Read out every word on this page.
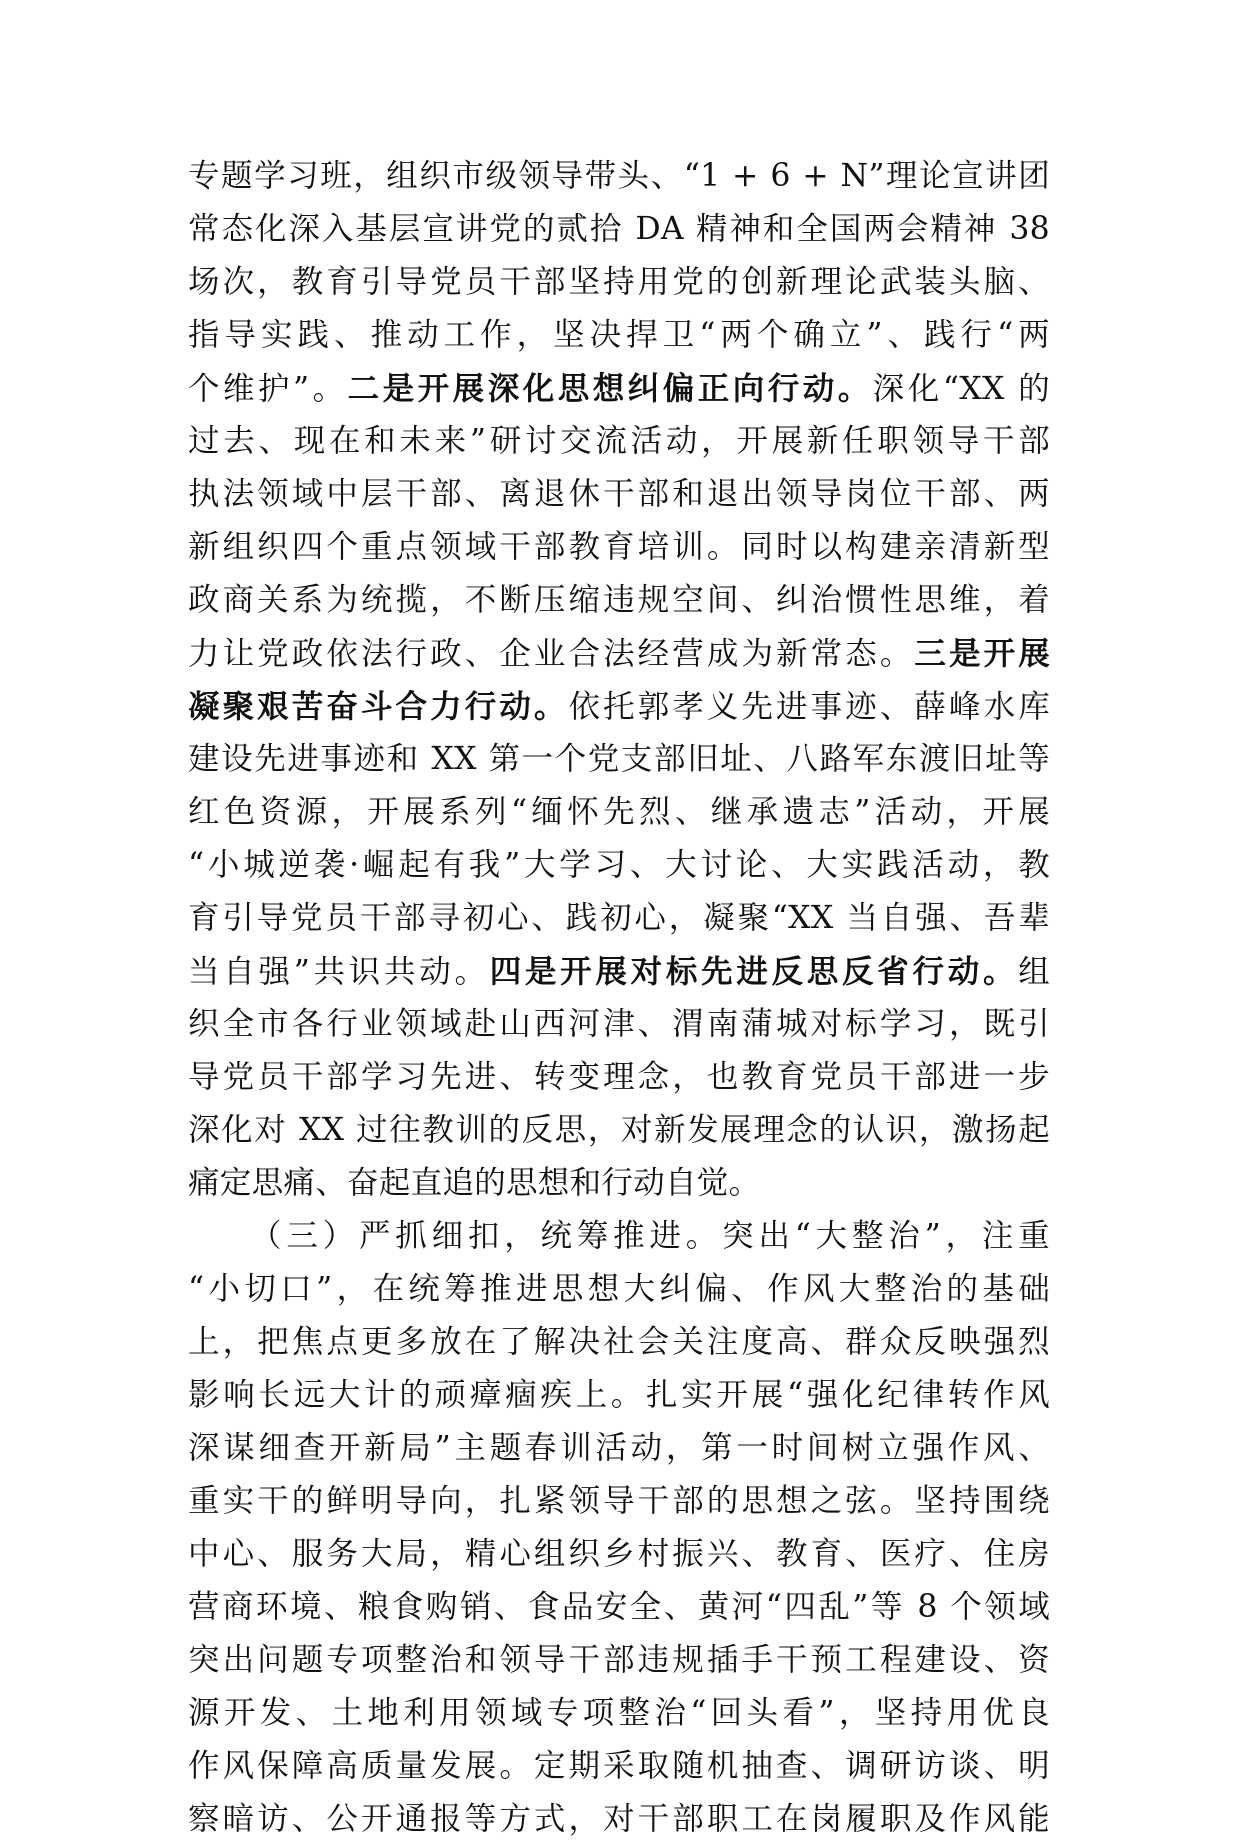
专题学习班，组织市级领导带头、“1 + 6 + N”理论宣讲团
常态化深入基层宣讲党的贰拾 DA 精神和全国两会精神 38
场次，教育引导党员干部坚持用党的创新理论武装头脑、
指导实践、推动工作，坚决捍卫“两个确立”、践行“两
个维护”。二是开展深化思想纠偏正向行动。深化“XX 的
过去、现在和未来”研讨交流活动，开展新任职领导干部
执法领域中层干部、离退休干部和退出领导岗位干部、两
新组织四个重点领域干部教育培训。同时以构建亲清新型
政商关系为统揽，不断压缩违规空间、纠治惯性思维，着
力让党政依法行政、企业合法经营成为新常态。三是开展
凝聚艰苦奋斗合力行动。依托郭孝义先进事迹、薛峰水库
建设先进事迹和 XX 第一个党支部旧址、八路军东渡旧址等
红色资源，开展系列“缅怀先烈、继承遗志”活动，开展
“小城逆袭·崛起有我”大学习、大讨论、大实践活动，教
育引导党员干部寻初心、践初心，凝聚“XX 当自强、吾辈
当自强”共识共动。四是开展对标先进反思反省行动。组
织全市各行业领域赴山西河津、渭南蒲城对标学习，既引
导党员干部学习先进、转变理念，也教育党员干部进一步
深化对 XX 过往教训的反思，对新发展理念的认识，激扬起
痛定思痛、奋起直追的思想和行动自觉。
（三）严抓细扣，统筹推进。突出“大整治”，注重
“小切口”，在统筹推进思想大纠偏、作风大整治的基础
上，把焦点更多放在了解决社会关注度高、群众反映强烈
影响长远大计的顽瘴痼疾上。扎实开展“强化纪律转作风
深谋细查开新局”主题春训活动，第一时间树立强作风、
重实干的鲜明导向，扎紧领导干部的思想之弦。坚持围绕
中心、服务大局，精心组织乡村振兴、教育、医疗、住房
营商环境、粮食购销、食品安全、黄河“四乱”等 8 个领域
突出问题专项整治和领导干部违规插手干预工程建设、资
源开发、土地利用领域专项整治“回头看”，坚持用优良
作风保障高质量发展。定期采取随机抽查、调研访谈、明
察暗访、公开通报等方式，对干部职工在岗履职及作风能
